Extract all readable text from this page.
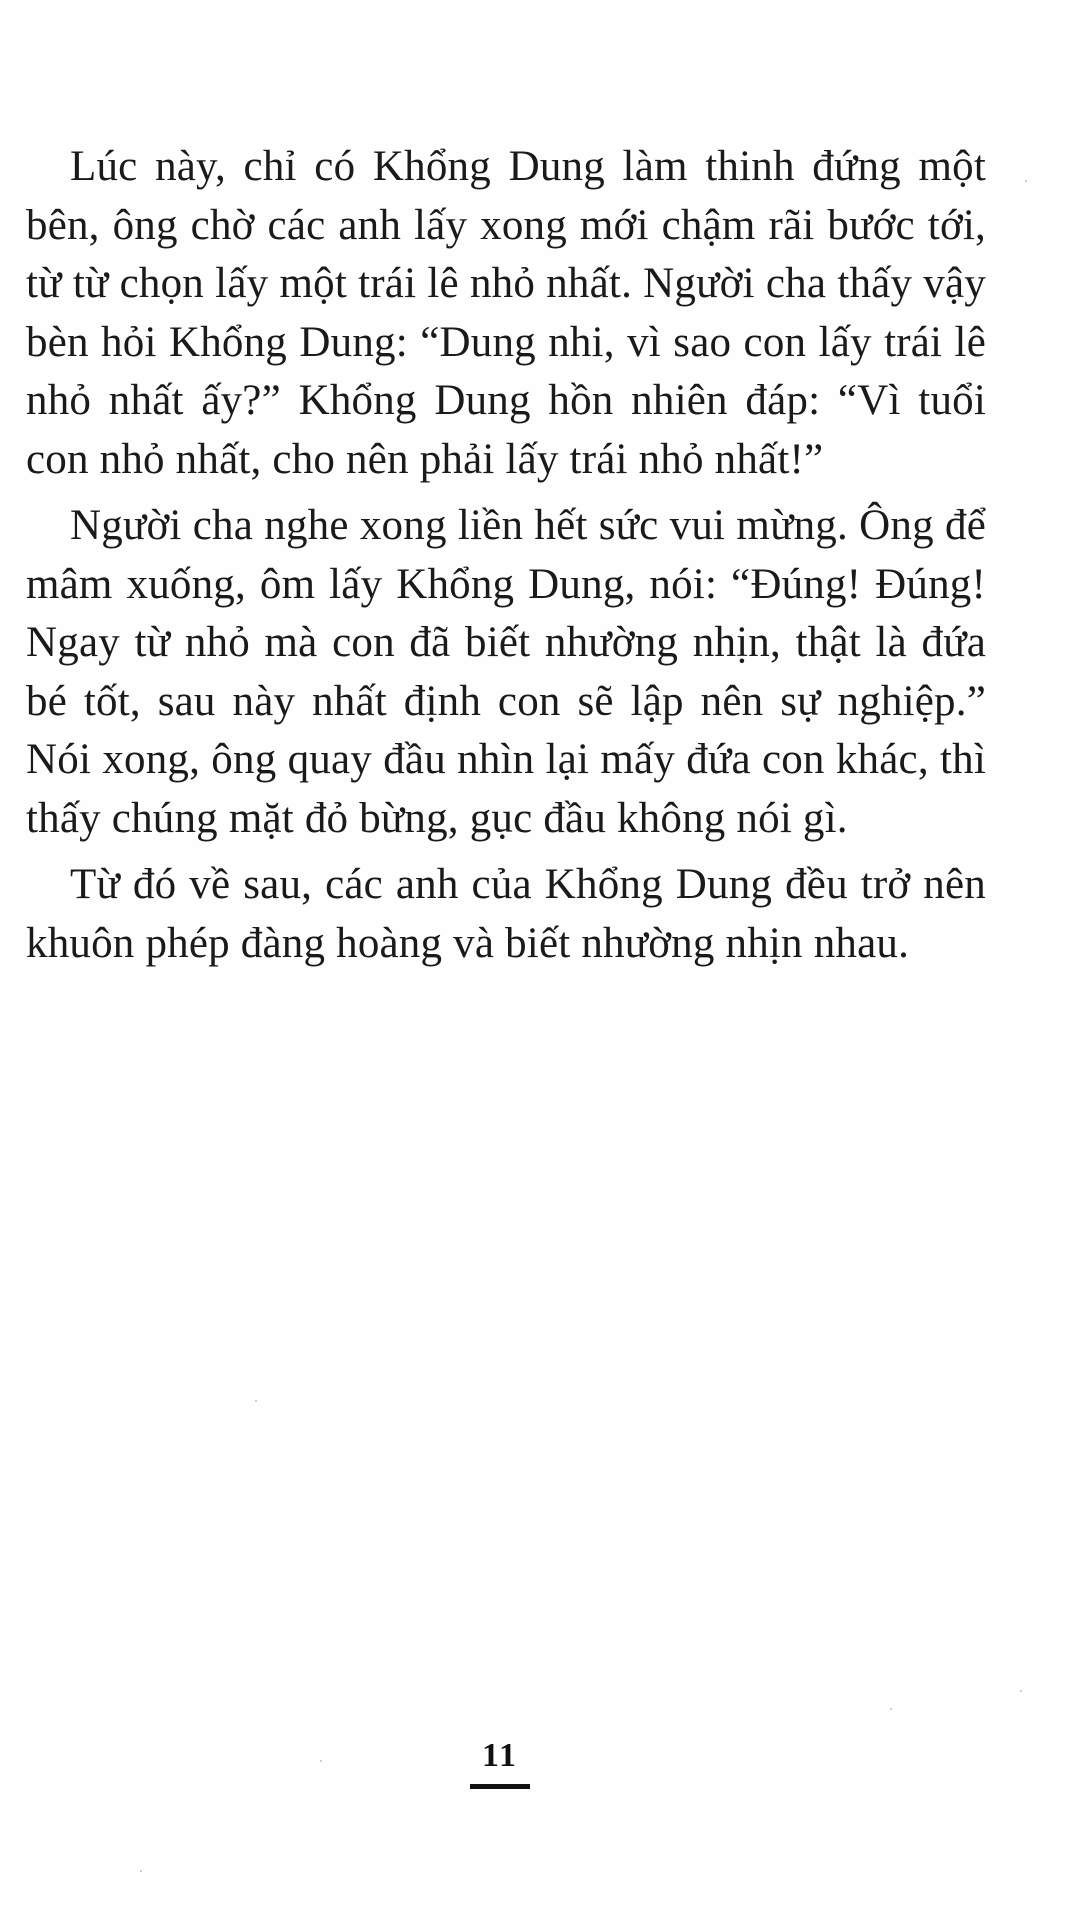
Lúc này, chỉ có Khổng Dung làm thinh đứng một bên, ông chờ các anh lấy xong mới chậm rãi bước tới, từ từ chọn lấy một trái lê nhỏ nhất. Người cha thấy vậy bèn hỏi Khổng Dung: “Dung nhi, vì sao con lấy trái lê nhỏ nhất ấy?” Khổng Dung hồn nhiên đáp: “Vì tuổi con nhỏ nhất, cho nên phải lấy trái nhỏ nhất!”

Người cha nghe xong liền hết sức vui mừng. Ông để mâm xuống, ôm lấy Khổng Dung, nói: “Đúng! Đúng! Ngay từ nhỏ mà con đã biết nhường nhịn, thật là đứa bé tốt, sau này nhất định con sẽ lập nên sự nghiệp.” Nói xong, ông quay đầu nhìn lại mấy đứa con khác, thì thấy chúng mặt đỏ bừng, gục đầu không nói gì.

Từ đó về sau, các anh của Khổng Dung đều trở nên khuôn phép đàng hoàng và biết nhường nhịn nhau.

11
